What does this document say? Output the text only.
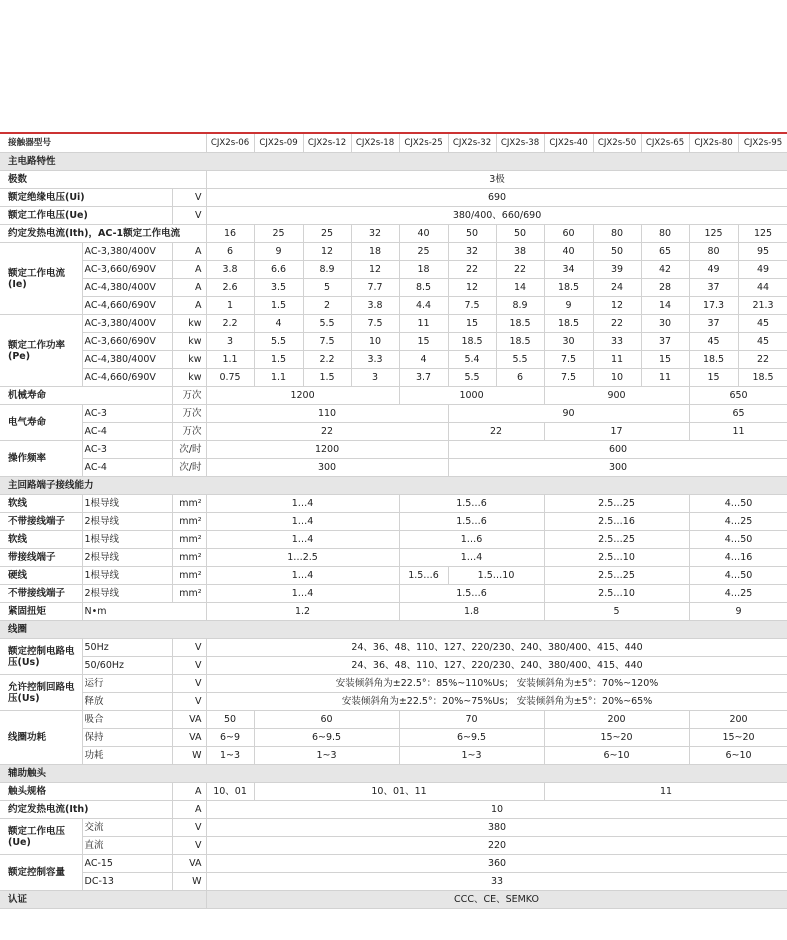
接触器型号			CJX2s-06	CJX2s-09	CJX2s-12	CJX2s-18	CJX2s-25	CJX2s-32	CJX2s-38	CJX2s-40	CJX2s-50	CJX2s-65	CJX2s-80	CJX2s-95
主电路特性														
极数			3极											
额定绝缘电压(Ui)		V	690											
额定工作电压(Ue)		V	380/400、660/690											
约定发热电流(Ith)，AC-1额定工作电流			16	25	25	32	40	50	50	60	80	80	125	125
额定工作电流(Ie)	AC-3,380/400V	A	6	9	12	18	25	32	38	40	50	65	80	95
	AC-3,660/690V	A	3.8	6.6	8.9	12	18	22	22	34	39	42	49	49
	AC-4,380/400V	A	2.6	3.5	5	7.7	8.5	12	14	18.5	24	28	37	44
	AC-4,660/690V	A	1	1.5	2	3.8	4.4	7.5	8.9	9	12	14	17.3	21.3
额定工作功率(Pe)	AC-3,380/400V	kw	2.2	4	5.5	7.5	11	15	18.5	18.5	22	30	37	45
	AC-3,660/690V	kw	3	5.5	7.5	10	15	18.5	18.5	30	33	37	45	45
	AC-4,380/400V	kw	1.1	1.5	2.2	3.3	4	5.4	5.5	7.5	11	15	18.5	22
	AC-4,660/690V	kw	0.75	1.1	1.5	3	3.7	5.5	6	7.5	10	11	15	18.5
机械寿命		万次	1200				1000			900			650	
电气寿命	AC-3	万次	110					90					65	
	AC-4	万次	22					22		17			11	
操作频率	AC-3	次/时	1200					600						
	AC-4	次/时	300					300						
主回路端子接线能力														
软线	1根导线	mm²	1…4				1.5…6			2.5…25			4…50	
不带接线端子	2根导线	mm²	1…4				1.5…6			2.5…16			4…25	
软线	1根导线	mm²	1…4				1…6			2.5…25			4…50	
带接线端子	2根导线	mm²	1…2.5				1…4			2.5…10			4…16	
硬线	1根导线	mm²	1…4				1.5…6	1.5…10		2.5…25			4…50	
不带接线端子	2根导线	mm²	1…4				1.5…6			2.5…10			4…25	
紧固扭矩	N•m		1.2				1.8			5			9	
线圈														
额定控制电路电压(Us)	50Hz	V	24、36、48、110、127、220/230、240、380/400、415、440											
	50/60Hz	V	24、36、48、110、127、220/230、240、380/400、415、440											
允许控制回路电压(Us)	运行	V	安装倾斜角为±22.5°：85%~110%Us； 安装倾斜角为±5°：70%~120%											
	释放	V	安装倾斜角为±22.5°：20%~75%Us； 安装倾斜角为±5°：20%~65%											
线圈功耗	吸合	VA	50	60			70			200			200	
	保持	VA	6~9	6~9.5			6~9.5			15~20			15~20	
	功耗	W	1~3	1~3			1~3			6~10			6~10	
辅助触头														
触头规格		A	10、01	10、01、11						11				
约定发热电流(Ith)		A	10											
额定工作电压(Ue)	交流	V	380											
	直流	V	220											
额定控制容量	AC-15	VA	360											
	DC-13	W	33											
认证			CCC、CE、SEMKO											
